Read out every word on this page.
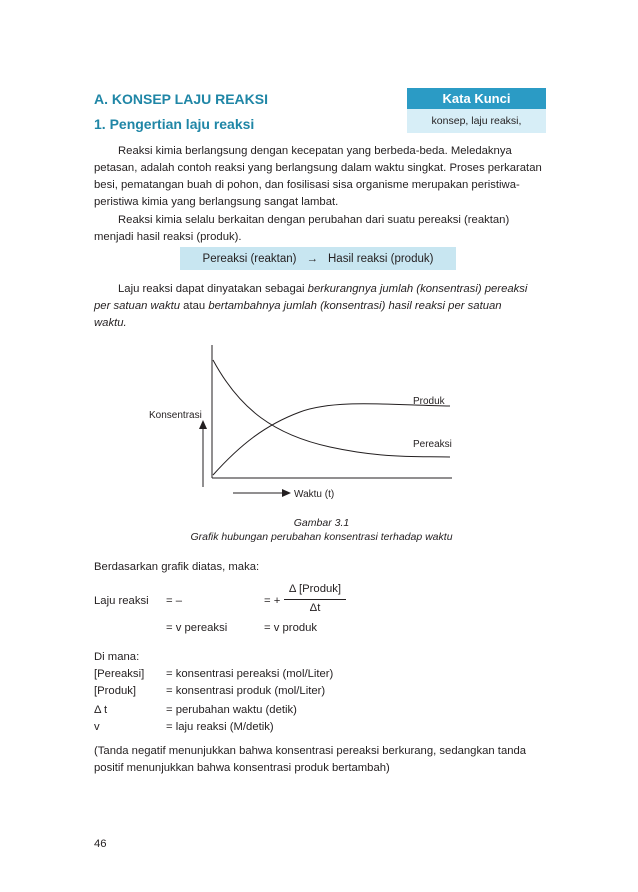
A. KONSEP LAJU REAKSI
1. Pengertian laju reaksi
Kata Kunci
konsep, laju reaksi,
Reaksi kimia berlangsung dengan kecepatan yang berbeda-beda. Meledaknya
petasan, adalah contoh reaksi yang berlangsung dalam waktu singkat. Proses perkaratan
besi, pematangan buah di pohon, dan fosilisasi sisa organisme merupakan peristiwa-
peristiwa kimia yang berlangsung sangat lambat.
Reaksi kimia selalu berkaitan dengan perubahan dari suatu pereaksi (reaktan)
menjadi hasil reaksi (produk).
Pereaksi (reaktan) → Hasil reaksi (produk)
Laju reaksi dapat dinyatakan sebagai berkurangnya jumlah (konsentrasi) pereaksi
per satuan waktu atau bertambahnya jumlah (konsentrasi) hasil reaksi per satuan
waktu.
Produk
Pereaksi
Konsentrasi
Waktu (t)
Gambar 3.1
Grafik hubungan perubahan konsentrasi terhadap waktu
Berdasarkan grafik diatas, maka:
Laju reaksi = –	= +
Δ [Produk]
Δt
= v pereaksi	= v produk
Di mana:
[Pereaksi] = konsentrasi pereaksi (mol/Liter)
[Produk]	= konsentrasi produk (mol/Liter)
Δ t	= perubahan waktu (detik)
v	= laju reaksi (M/detik)
(Tanda negatif menunjukkan bahwa konsentrasi pereaksi berkurang, sedangkan tanda
positif menunjukkan bahwa konsentrasi produk bertambah)
46
